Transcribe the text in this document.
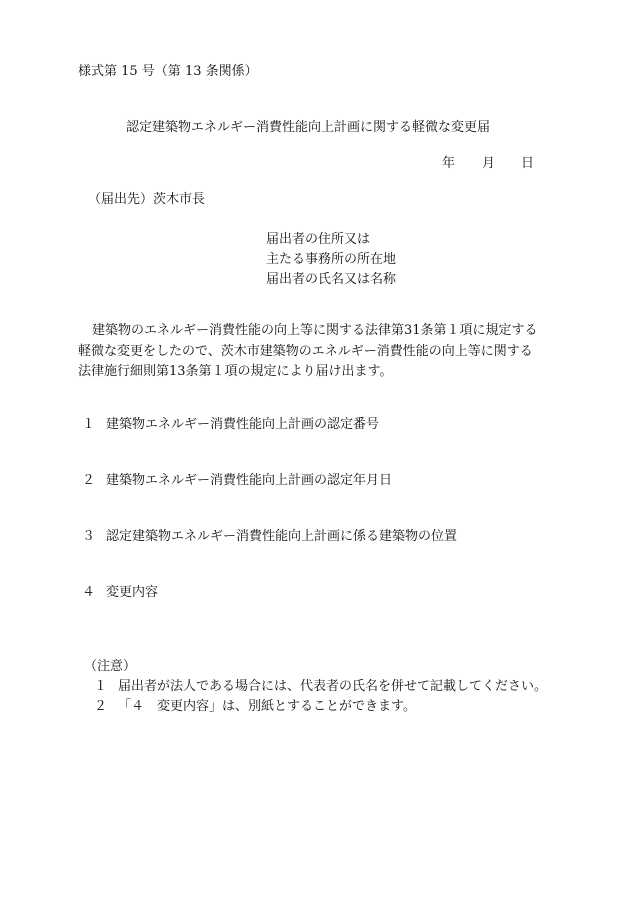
様式第 15 号（第 13 条関係）
認定建築物エネルギー消費性能向上計画に関する軽微な変更届
年 月 日
（届出先）茨木市長
届出者の住所又は
主たる事務所の所在地
届出者の氏名又は名称
建築物のエネルギー消費性能の向上等に関する法律第31条第１項に規定する
軽微な変更をしたので、茨木市建築物のエネルギー消費性能の向上等に関する
法律施行細則第13条第１項の規定により届け出ます。
１ 建築物エネルギー消費性能向上計画の認定番号
２ 建築物エネルギー消費性能向上計画の認定年月日
３ 認定建築物エネルギー消費性能向上計画に係る建築物の位置
４ 変更内容
（注意）
１ 届出者が法人である場合には、代表者の氏名を併せて記載してください。
２ 「４　変更内容」は、別紙とすることができます。
